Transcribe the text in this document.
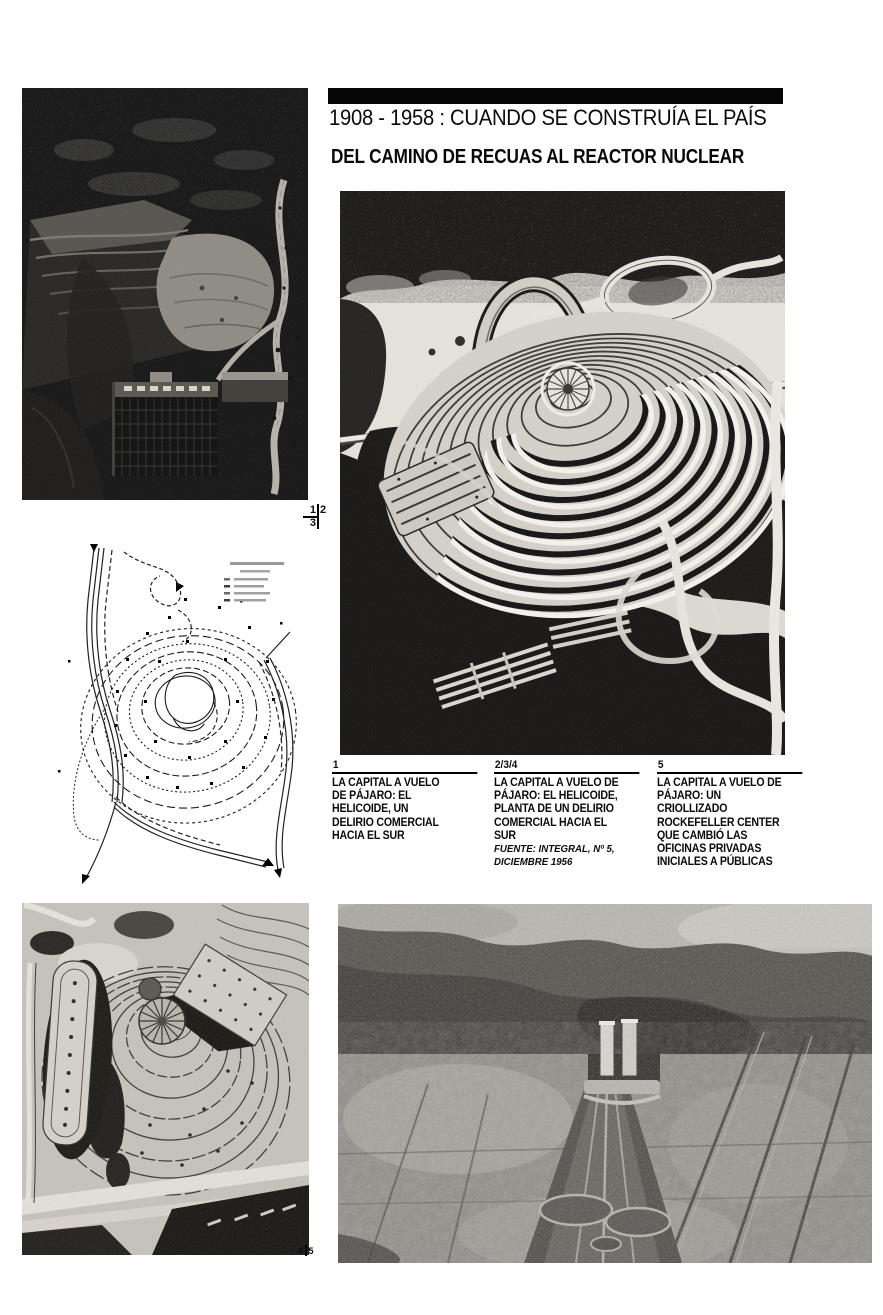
1908 - 1958 : CUANDO SE CONSTRUÍA EL PAÍS
DEL CAMINO DE RECUAS AL REACTOR NUCLEAR
1 2
3
1
LA CAPITAL A VUELO
DE PÁJARO: EL
HELICOIDE, UN
DELIRIO COMERCIAL
HACIA EL SUR
2/3/4
LA CAPITAL A VUELO DE
PÁJARO: EL HELICOIDE,
PLANTA DE UN DELIRIO
COMERCIAL HACIA EL
SUR
FUENTE: INTEGRAL, Nº 5,
DICIEMBRE 1956
5
LA CAPITAL A VUELO DE
PÁJARO: UN
CRIOLLIZADO
ROCKEFELLER CENTER
QUE CAMBIÓ LAS
OFICINAS PRIVADAS
INICIALES A PÚBLICAS
4 5
